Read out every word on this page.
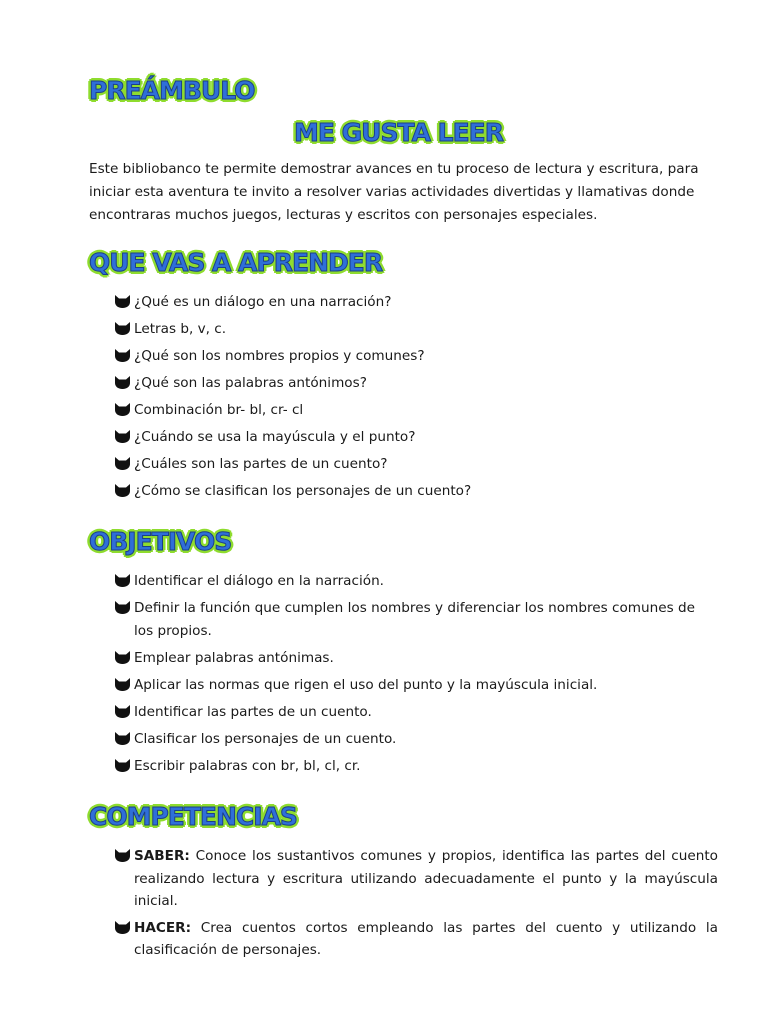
PREÁMBULO
ME GUSTA LEER

Este bibliobanco te permite demostrar avances en tu proceso de lectura y escritura, para iniciar esta aventura te invito a resolver varias actividades divertidas y llamativas donde encontraras muchos juegos, lecturas y escritos con personajes especiales.

QUE VAS A APRENDER
¿Qué es un diálogo en una narración?
Letras b, v, c.
¿Qué son los nombres propios y comunes?
¿Qué son las palabras antónimos?
Combinación br- bl, cr- cl
¿Cuándo se usa la mayúscula y el punto?
¿Cuáles son las partes de un cuento?
¿Cómo se clasifican los personajes de un cuento?
OBJETIVOS
Identificar el diálogo en la narración.
Definir la función que cumplen los nombres y diferenciar los nombres comunes de los propios.
Emplear palabras antónimas.
Aplicar las normas que rigen el uso del punto y la mayúscula inicial.
Identificar las partes de un cuento.
Clasificar los personajes de un cuento.
Escribir palabras con br, bl, cl, cr.
COMPETENCIAS
SABER: Conoce los sustantivos comunes y propios, identifica las partes del cuento realizando lectura y escritura utilizando adecuadamente el punto y la mayúscula inicial.
HACER: Crea cuentos cortos empleando las partes del cuento y utilizando la clasificación de personajes.
